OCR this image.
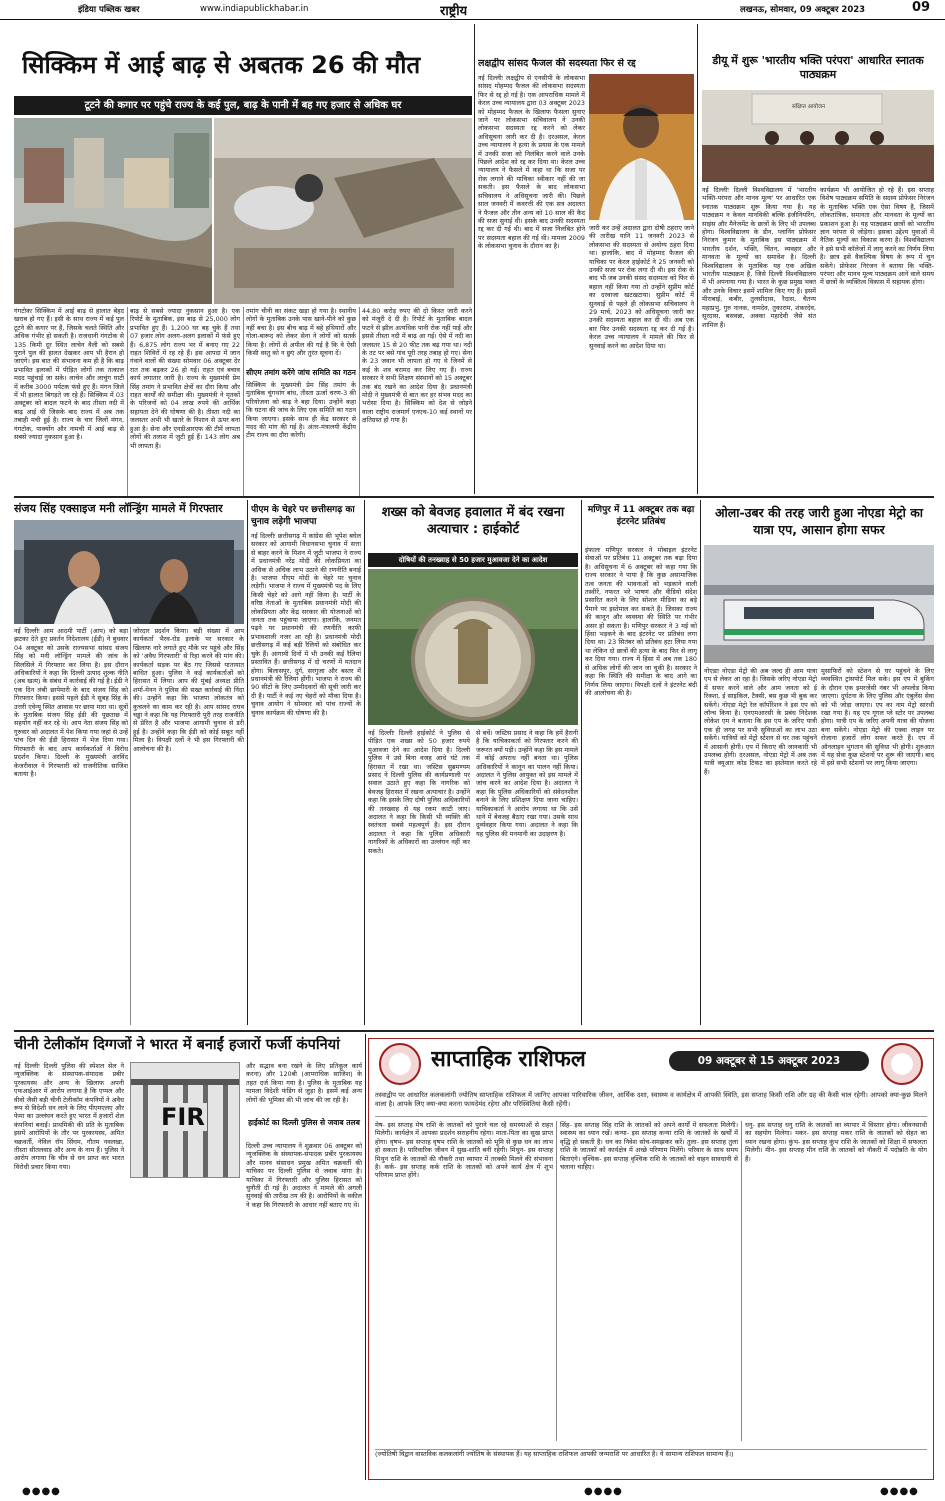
इंडिया पब्लिक खबर	www.indiapublickhabar.in	राष्ट्रीय	लखनऊ, सोमवार, 09 अक्टूबर 2023	09
सिक्किम में आई बाढ़ से अबतक 26 की मौत
टूटने की कगार पर पहुंचे राज्य के कई पुल, बाढ़ के पानी में बह गए हजार से अधिक घर
गंगटोकः सिक्किम में आई बाढ़ से हालात बेहद खराब हो गए हैं। इसी के साथ राज्य में कई पुल टूटने की कगार पर हैं, जिसके चलते स्थिति और अधिक गंभीर हो सकती है। राजधानी गंगटोक से 135 किमी दूर स्थित लाचेन वैली को सबसे पुराने पुल की हालत देखकर आप भी हैरान हो जाएंगे। इस बात की संभावना कम ही है कि बाढ़ प्रभावित इलाकों में पीड़ित लोगों तक तत्काल मदद पहुंचाई जा सके। लाचेन और लाचुंग घाटी में करीब 3000 पर्यटक फंसे हुए हैं। मंगन जिले में भी हालात बिगड़ते जा रहे हैं। सिक्किम में 03 अक्टूबर को बादल फटने के बाद तीस्ता नदी में बाढ़ आई थी जिसके बाद राज्य में अब तक तबाही मची हुई है। राज्य के चार जिलों मंगन, गंगटोक, पाक्योंग और नामची में आई बाढ़ से सबसे ज्यादा नुकसान हुआ है।
बाढ़ से सबसे ज्यादा नुकसान हुआ है। एक रिपोर्ट के मुताबिक, इस बाढ़ से 25,000 लोग प्रभावित हुए हैं। 1,200 घर बह चुके हैं तथा 07 हजार लोग अलग-अलग इलाकों में फंसे हुए हैं। 6,875 लोग राज्य भर में बनाए गए 22 राहत शिविरों में रह रहे हैं। इस आपदा में जान गंवाने वालों की संख्या सोमवार 06 अक्टूबर देर रात तक बढ़कर 26 हो गई। राहत एवं बचाव कार्य लगातार जारी है। राज्य के मुख्यमंत्री प्रेम सिंह तमांग ने प्रभावित क्षेत्रों का दौरा किया और राहत कार्यों की समीक्षा की। मुख्यमंत्री ने मृतकों के परिजनों को 04 लाख रुपये की आर्थिक सहायता देने की घोषणा की है। तीस्ता नदी का जलस्तर अभी भी खतरे के निशान से ऊपर बना हुआ है। सेना और एनडीआरएफ की टीमें लापता लोगों की तलाश में जुटी हुई हैं। 143 लोग अब भी लापता हैं।
तमांग चीनी का संकट खड़ा हो गया है। स्थानीय लोगों के मुताबिक उनके पास खाने-पीने को कुछ नहीं बचा है। इस बीच बाढ़ में बहे हथियारों और गोला-बारूद को लेकर सेना ने लोगों को सतर्क किया है। लोगों से अपील की गई है कि वे ऐसी किसी वस्तु को न छुएं और तुरंत सूचना दें।
सीएम तमांग करेंगे जांच समिति का गठन
सिक्किम के मुख्यमंत्री प्रेम सिंह तमांग के मुताबिक चुंगथांग बांध, तीस्ता ऊर्जा चरण-3 की परियोजना को बाढ़ ने बहा दिया। उन्होंने कहा कि घटना की जांच के लिए एक समिति का गठन किया जाएगा। इसके साथ ही केंद्र सरकार से मदद की मांग की गई है। अंतर-मंत्रालयी केंद्रीय टीम राज्य का दौरा करेगी।
44.80 करोड़ रुपए की दो किस्त जारी करने को मंजूरी दे दी है। रिपोर्ट के मुताबिक बादल फटने से झील अत्यधिक पानी रोक नहीं पाई और इससे तीस्ता नदी में बाढ़ आ गई। ऐसे में नदी का जलस्तर 15 से 20 फीट तक बढ़ गया था। नदी के तट पर बसे गांव पूरी तरह तबाह हो गए। सेना के 23 जवान भी लापता हो गए थे जिनमें से कई के शव बरामद कर लिए गए हैं। राज्य सरकार ने सभी शिक्षण संस्थानों को 15 अक्टूबर तक बंद रखने का आदेश दिया है। प्रधानमंत्री मोदी ने मुख्यमंत्री से बात कर हर संभव मदद का भरोसा दिया है। सिक्किम को देश से जोड़ने वाला राष्ट्रीय राजमार्ग एनएच-10 कई स्थानों पर क्षतिग्रस्त हो गया है।
लक्षद्वीप सांसद फैजल की सदस्यता फिर से रद्द
नई दिल्लीः लक्षद्वीप से एनसीपी के लोकसभा सांसद मोहम्मद फैजल की लोकसभा सदस्यता फिर से रद्द हो गई है। एक आपराधिक मामले में केरल उच्च न्यायालय द्वारा 03 अक्टूबर 2023 को मोहम्मद फैजल के खिलाफ फैसला सुनाए जाने पर लोकसभा सचिवालय ने उनकी लोकसभा सदस्यता रद्द करने को लेकर अधिसूचना जारी कर दी है। दरअसल, केरल उच्च न्यायालय ने हत्या के प्रयास के एक मामले में उनकी सजा को निलंबित करने वाले उनके पिछले आदेश को रद्द कर दिया था। केरल उच्च न्यायालय ने फैसले में कहा था कि सजा पर रोक लगाने की याचिका स्वीकार नहीं की जा सकती। इस फैसले के बाद लोकसभा सचिवालय ने अधिसूचना जारी की। पिछले साल जनवरी में कवरत्ती की एक सत्र अदालत ने फैजल और तीन अन्य को 10 साल की कैद की सजा सुनाई थी। इसके बाद उनकी सदस्यता रद्द कर दी गई थी। बाद में सजा निलंबित होने पर सदस्यता बहाल की गई थी। मामला 2009 के लोकसभा चुनाव के दौरान का है।
जारी कर उन्हें अदालत द्वारा दोषी ठहराए जाने की तारीख यानि 11 जनवरी 2023 से लोकसभा की सदस्यता से अयोग्य ठहरा दिया था। हालांकि, बाद में मोहम्मद फैजल की याचिका पर केरल हाईकोर्ट ने 25 जनवरी को उनकी सजा पर रोक लगा दी थी। इस रोक के बाद भी जब उनकी संसद सदस्यता को फिर से बहाल नहीं किया गया तो उन्होंने सुप्रीम कोर्ट का दरवाजा खटखटाया। सुप्रीम कोर्ट में सुनवाई से पहले ही लोकसभा सचिवालय ने 29 मार्च, 2023 को अधिसूचना जारी कर उनकी सदस्यता बहाल कर दी थी। अब एक बार फिर उनकी सदस्यता रद्द कर दी गई है। केरल उच्च न्यायालय ने मामले की फिर से सुनवाई करने का आदेश दिया था।
डीयू में शुरू 'भारतीय भक्ति परंपरा' आधारित स्नातक पाठ्यक्रम
संक्षिप्त आयोजन
नई दिल्लीः दिल्ली विश्वविद्यालय में 'भारतीय भक्ति-परंपरा और मानव मूल्य' पर आधारित एक स्नातक पाठ्यक्रम शुरू किया गया है। यह पाठ्यक्रम न केवल मानविकी बल्कि इंजीनियरिंग, साइंस और मैनेजमेंट के छात्रों के लिए भी उपलब्ध होगा। विश्वविद्यालय के डीन, प्लानिंग प्रोफेसर निरंजन कुमार के मुताबिक इस पाठ्यक्रम में भारतीय दर्शन, भक्ति, चिंतन, व्यवहार और मानवता के मूल्यों का समावेश है। दिल्ली विश्वविद्यालय के मुताबिक यह एक अखिल भारतीय पाठ्यक्रम है, जिसे दिल्ली विश्वविद्यालय में भी अपनाया गया है। भारत के कुछ प्रमुख भक्त और उनके विचार इसमें शामिल किए गए हैं। इसमें मीराबाई, कबीर, तुलसीदास, रैदास, चैतन्य महाप्रभु, गुरु नानक, नामदेव, तुकाराम, शंकरदेव, सूरदास, बसवन्ना, अक्का महादेवी जैसे संत शामिल हैं।
कार्यक्रम भी आयोजित हो रहे हैं। इस सप्ताह विशेष पाठ्यक्रम समिति के सदस्य प्रोफेसर निरंजन के मुताबिक भक्ति एक ऐसा विषय है, जिसमें लोकतांत्रिक, समानता और मानवता के मूल्यों का प्रकाशन हुआ है। यह पाठ्यक्रम छात्रों को भारतीय ज्ञान परंपरा से जोड़ेगा। इसका उद्देश्य युवाओं में नैतिक मूल्यों का विकास करना है। विश्वविद्यालय ने इसे सभी कॉलेजों में लागू करने का निर्णय लिया है। छात्र इसे वैकल्पिक विषय के रूप में चुन सकेंगे। प्रोफेसर निरंजन ने बताया कि भक्ति-परंपरा और मानव मूल्य पाठ्यक्रम आने वाले समय में छात्रों के व्यक्तित्व विकास में सहायक होगा।
संजय सिंह एक्साइज मनी लॉन्ड्रिंग मामले में गिरफ्तार
नई दिल्लीः आम आदमी पार्टी (आप) को बड़ा झटका देते हुए प्रवर्तन निदेशालय (ईडी) ने बुधवार 04 अक्टूबर को उसके राज्यसभा सांसद संजय सिंह को मनी लॉन्ड्रिंग मामले की जांच के सिलसिले में गिरफ्तार कर लिया है। इस दौरान अधिकारियों ने कहा कि दिल्ली उत्पाद शुल्क नीति (अब खत्म) के संबंध में कार्रवाई की गई है। ईडी ने एक दिन लंबी छापेमारी के बाद संजय सिंह को गिरफ्तार किया। इससे पहले ईडी ने सुबह सिंह के उत्तरी एवेन्यू स्थित आवास पर छापा मारा था। सूत्रों के मुताबिक संजय सिंह ईडी की पूछताछ में सहयोग नहीं कर रहे थे। आप नेता संजय सिंह को गुरुवार को अदालत में पेश किया गया जहां से उन्हें पांच दिन की ईडी हिरासत में भेज दिया गया। गिरफ्तारी के बाद आप कार्यकर्ताओं ने विरोध प्रदर्शन किया। दिल्ली के मुख्यमंत्री अरविंद केजरीवाल ने गिरफ्तारी को राजनीतिक साजिश बताया है।
जोरदार प्रदर्शन किया। बड़ी संख्या में आप कार्यकर्ता भैरव-रोड इलाके पर सरकार के खिलाफ नारे लगाते हुए मौके पर पहुंचे और सिंह को 'अवैध गिरफ्तारी' से रिहा करने की मांग की। कार्यकर्ता सड़क पर बैठ गए जिससे यातायात बाधित हुआ। पुलिस ने कई कार्यकर्ताओं को हिरासत में लिया। आप की मुंबई अध्यक्ष प्रीति शर्मा-मेनन ने पुलिस की सख्त कार्रवाई की निंदा की। उन्होंने कहा कि भाजपा लोकतंत्र को कुचलने का काम कर रही है। आप सांसद राघव चड्ढा ने कहा कि यह गिरफ्तारी पूरी तरह राजनीति से प्रेरित है और भाजपा आगामी चुनाव से डरी हुई है। उन्होंने कहा कि ईडी को कोई सबूत नहीं मिला है। विपक्षी दलों ने भी इस गिरफ्तारी की आलोचना की है।
पीएम के चेहरे पर छत्तीसगढ़ का चुनाव लड़ेगी भाजपा
नई दिल्लीः छत्तीसगढ़ में कांग्रेस की भूपेश बघेल सरकार को आगामी विधानसभा चुनाव में सत्ता से बाहर करने के मिशन में जुटी भाजपा ने राज्य में प्रधानमंत्री नरेंद्र मोदी की लोकप्रियता का अधिक से अधिक लाभ उठाने की रणनीति बनाई है। भाजपा पीएम मोदी के चेहरे पर चुनाव लड़ेगी। भाजपा ने राज्य में मुख्यमंत्री पद के लिए किसी चेहरे को आगे नहीं किया है। पार्टी के वरिष्ठ नेताओं के मुताबिक प्रधानमंत्री मोदी की लोकप्रियता और केंद्र सरकार की योजनाओं को जनता तक पहुंचाया जाएगा। हालांकि, जनमत पढ़ने पर प्रधानमंत्री की रणनीति काफी प्रभावशाली नजर आ रही है। प्रधानमंत्री मोदी छत्तीसगढ़ में कई बड़ी रैलियों को संबोधित कर चुके हैं। आगामी दिनों में भी उनकी कई रैलियां प्रस्तावित हैं। छत्तीसगढ़ में दो चरणों में मतदान होगा। बिलासपुर, दुर्ग, सरगुजा और बस्तर में प्रधानमंत्री की रैलियां होंगी। भाजपा ने राज्य की 90 सीटों के लिए उम्मीदवारों की सूची जारी कर दी है। पार्टी ने कई नए चेहरों को मौका दिया है। चुनाव आयोग ने सोमवार को पांच राज्यों के चुनाव कार्यक्रम की घोषणा की है।
शख्स को बेवजह हवालात में बंद रखना अत्याचार : हाईकोर्ट
दोषियों की तनख्वाह से 50 हजार मुआवजा देने का आदेश
नई दिल्लीः दिल्ली हाईकोर्ट ने पुलिस से पीड़ित एक शख्स को 50 हजार रुपये मुआवजा देने का आदेश दिया है। दिल्ली पुलिस ने उसे बिना वजह आधे घंटे तक हिरासत में रखा था। जस्टिस सुब्रमण्यम प्रसाद ने दिल्ली पुलिस की कार्यप्रणाली पर सवाल उठाते हुए कहा कि नागरिक को बेवजह हिरासत में रखना अत्याचार है। उन्होंने कहा कि इसके लिए दोषी पुलिस अधिकारियों की तनख्वाह से यह रकम काटी जाए। अदालत ने कहा कि किसी भी व्यक्ति की स्वतंत्रता सबसे महत्वपूर्ण है। इस दौरान अदालत ने कहा कि पुलिस अधिकारी नागरिकों के अधिकारों का उल्लंघन नहीं कर सकते।
से बचें। जस्टिस प्रसाद ने कहा कि हमें हैरानी है कि याचिकाकर्ता को गिरफ्तार करने की जरूरत क्यों पड़ी। उन्होंने कहा कि इस मामले में कोई अपराध नहीं बनता था। पुलिस अधिकारियों ने कानून का पालन नहीं किया। अदालत ने पुलिस आयुक्त को इस मामले में जांच करने का आदेश दिया है। अदालत ने कहा कि पुलिस अधिकारियों को संवेदनशील बनाने के लिए प्रशिक्षण दिया जाना चाहिए। याचिकाकर्ता ने आरोप लगाया था कि उसे थाने में बेवजह बैठाए रखा गया। उसके साथ दुर्व्यवहार किया गया। अदालत ने कहा कि यह पुलिस की मनमानी का उदाहरण है।
मणिपुर में 11 अक्टूबर तक बढ़ा इंटरनेट प्रतिबंध
इंफालः मणिपुर सरकार ने मोबाइल इंटरनेट सेवाओं पर प्रतिबंध 11 अक्टूबर तक बढ़ा दिया है। अधिसूचना में 6 अक्टूबर को कहा गया कि राज्य सरकार ने पाया है कि कुछ असामाजिक तत्व जनता की भावनाओं को भड़काने वाली तस्वीरें, नफरत भरे भाषण और वीडियो संदेश प्रसारित करने के लिए सोशल मीडिया का बड़े पैमाने पर इस्तेमाल कर सकते हैं। जिसका राज्य की कानून और व्यवस्था की स्थिति पर गंभीर असर हो सकता है। मणिपुर सरकार ने 3 मई को हिंसा भड़कने के बाद इंटरनेट पर प्रतिबंध लगा दिया था। 23 सितंबर को प्रतिबंध हटा लिया गया था लेकिन दो छात्रों की हत्या के बाद फिर से लागू कर दिया गया। राज्य में हिंसा में अब तक 180 से अधिक लोगों की जान जा चुकी है। सरकार ने कहा कि स्थिति की समीक्षा के बाद आगे का निर्णय लिया जाएगा। विपक्षी दलों ने इंटरनेट बंदी की आलोचना की है।
ओला-उबर की तरह जारी हुआ नोएडा मेट्रो का यात्रा एप, आसान होगा सफर
नोएडाः नोएडा मेट्रो की अब जल्द ही आम यात्रा एप से लेकर आ रहा है। जिसके जरिए नोएडा मेट्रो में सफर करने वाले और आम जनता को ई रिक्शा, ई साइकिल, टैक्सी, बस कुछ भी बुक कर सकेंगे। नोएडा मेट्रो रेल कॉर्पोरेशन ने इस एप को लॉन्च किया है। एनएमआरसी के प्रबंध निदेशक लोकेश एम ने बताया कि इस एप के जरिए यात्री एक ही जगह पर सभी सुविधाओं का लाभ उठा सकेंगे। यात्रियों को मेट्रो स्टेशन से घर तक पहुंचने में आसानी होगी। एप में किराए की जानकारी भी उपलब्ध होगी। दरअसल, नोएडा मेट्रो में अब तक यात्री क्यूआर कोड टिकट का इस्तेमाल करते रहे हैं।
मुसाफिरों को स्टेशन से घर पहुंचने के लिए व्यवस्थित ट्रांसपोर्ट मिल सके। इस एप में बुकिंग के दौरान एक इमरजेंसी नंबर भी अपलोड किया जाएगा। दुर्घटना के लिए पुलिस और एंबुलेंस सेवा को भी जोड़ा जाएगा। एप का नाम मेट्रो सारथी रखा गया है। यह एप गूगल प्ले स्टोर पर उपलब्ध होगा। यात्री एप के जरिए अपनी यात्रा की योजना बना सकेंगे। नोएडा मेट्रो की एक्वा लाइन पर रोजाना हजारों लोग सफर करते हैं। एप में ऑनलाइन भुगतान की सुविधा भी होगी। शुरुआत में यह सेवा कुछ स्टेशनों पर शुरू की जाएगी। बाद में इसे सभी स्टेशनों पर लागू किया जाएगा।
चीनी टेलीकॉम दिग्गजों ने भारत में बनाईं हजारों फर्जी कंपनियां
नई दिल्लीः दिल्ली पुलिस की स्पेशल सेल ने न्यूजक्लिक के संस्थापक-संपादक प्रबीर पुरकायस्थ और अन्य के खिलाफ अपनी एफआईआर में आरोप लगाया है कि एप्पल और वीवो जैसी बड़ी चीनी टेलीकॉम कंपनियों ने अवैध रूप से विदेशी धन लाने के लिए पीएमएलए और फेमा का उल्लंघन करते हुए भारत में हजारों शेल कंपनियां बनाईं। प्राथमिकी की प्रति के मुताबिक इसमें आरोपियों के तौर पर पुरकायस्थ, अमित चक्रवर्ती, नेविल रॉय सिंघम, गौतम नवलखा, तीस्ता सीतलवाड़ और अन्य के नाम हैं। पुलिस ने आरोप लगाया कि चीन से धन प्राप्त कर भारत विरोधी प्रचार किया गया।
FIR
और सद्भाव बना रखने के लिए प्रतिकूल कार्य करना) और 120बी (आपराधिक साजिश) के तहत दर्ज किया गया है। पुलिस के मुताबिक यह मामला विदेशी फंडिंग से जुड़ा है। इसमें कई अन्य लोगों की भूमिका की भी जांच की जा रही है।
हाईकोर्ट का दिल्ली पुलिस से जवाब तलब
दिल्ली उच्च न्यायालय ने शुक्रवार 06 अक्टूबर को न्यूजक्लिक के संस्थापक-संपादक प्रबीर पुरकायस्थ और मानव संसाधन प्रमुख अमित चक्रवर्ती की याचिका पर दिल्ली पुलिस से जवाब मांगा है। याचिका में गिरफ्तारी और पुलिस हिरासत को चुनौती दी गई है। अदालत ने मामले की अगली सुनवाई की तारीख तय की है। आरोपियों के वकील ने कहा कि गिरफ्तारी के आधार नहीं बताए गए थे।
साप्ताहिक राशिफल	09 अक्टूबर से 15 अक्टूबर 2023
तस्वाद्वीप पर आधारित कलकलांगी ज्योतिष साप्ताहिक राशिफल में जानिए आपका पारिवारिक जीवन, आर्थिक दशा, स्वास्थ्य व कार्यक्षेत्र में आपकी स्थिति, इस सप्ताह किसी राशि और ग्रह की कैसी चाल रहेगी। आपको क्या-कुछ मिलने वाला है। आपके लिए क्या-क्या करना फायदेमंद रहेगा और परिस्थितियां कैसी रहेंगी।
मेष- इस सप्ताह मेष राशि के जातकों को पुराने चल रहे समस्याओं से राहत मिलेगी। कार्यक्षेत्र में आपका प्रदर्शन सराहनीय रहेगा। माता-पिता का सुख प्राप्त होगा। वृषभ- इस सप्ताह वृषभ राशि के जातकों को भूमि से कुछ धन का लाभ हो सकता है। पारिवारिक जीवन में सुख-शांति बनी रहेगी। मिथुन- इस सप्ताह मिथुन राशि के जातकों की नौकरी तथा व्यापार में तरक्की मिलने की संभावना है। कर्क- इस सप्ताह कर्क राशि के जातकों को अपने कार्य क्षेत्र में शुभ परिणाम प्राप्त होंगे।
सिंह- इस सप्ताह सिंह राशि के जातकों को अपने कार्यों में सफलता मिलेगी। स्वास्थ्य का ध्यान रखें। कन्या- इस सप्ताह कन्या राशि के जातकों के खर्चों में वृद्धि हो सकती है। धन का निवेश सोच-समझकर करें। तुला- इस सप्ताह तुला राशि के जातकों को कार्यक्षेत्र में अच्छे परिणाम मिलेंगे। परिवार के साथ समय बिताएंगे। वृश्चिक- इस सप्ताह वृश्चिक राशि के जातकों को वाहन सावधानी से चलाना चाहिए।
धनु- इस सप्ताह धनु राशि के जातकों का व्यापार में विस्तार होगा। जीवनसाथी का सहयोग मिलेगा। मकर- इस सप्ताह मकर राशि के जातकों को सेहत का ध्यान रखना होगा। कुंभ- इस सप्ताह कुंभ राशि के जातकों को शिक्षा में सफलता मिलेगी। मीन- इस सप्ताह मीन राशि के जातकों को नौकरी में पदोन्नति के योग हैं।
(ज्योतिषी विद्वान वास्तविक कलकलांगी ज्योतिष के संस्थापक हैं। यह साप्ताहिक राशिफल आपकी जन्मराशि पर आधारित है। ये सामान्य राशिफल सामान्य हैं।)
●●●●	●●●●	●●●●
